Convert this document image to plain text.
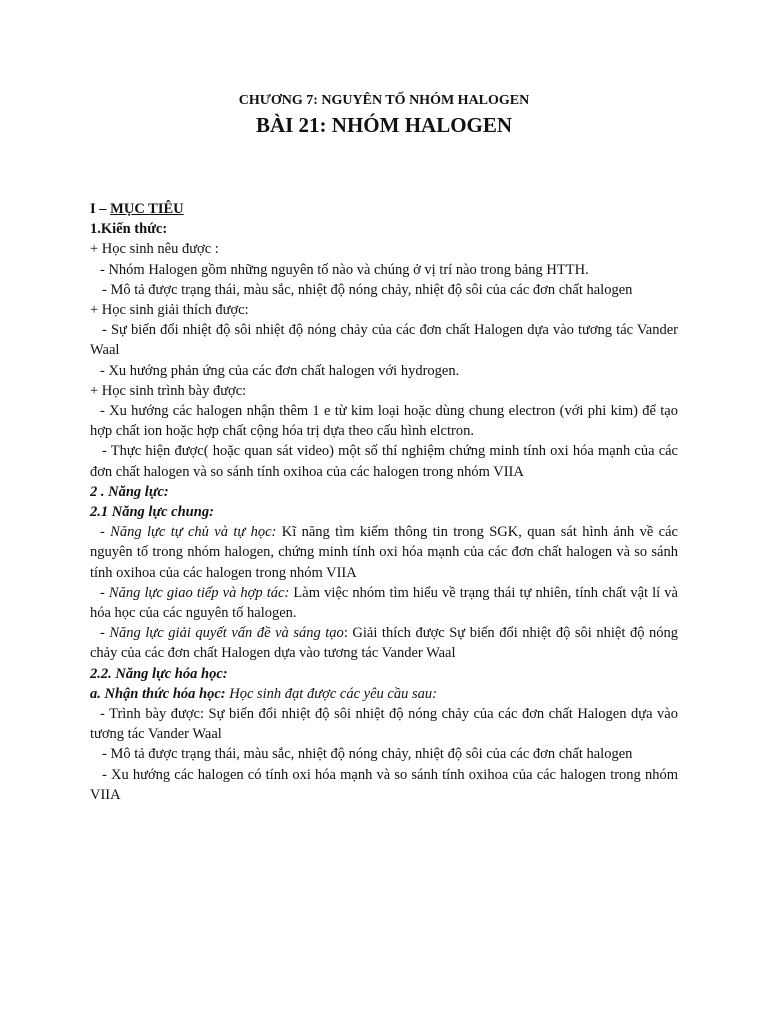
CHƯƠNG 7: NGUYÊN TỐ NHÓM HALOGEN

BÀI 21: NHÓM HALOGEN

I – MỤC TIÊU

1.Kiến thức:

+ Học sinh nêu được :

- Nhóm Halogen gồm những nguyên tố nào và chúng ở vị trí nào trong bảng HTTH.

- Mô tả được trạng thái, màu sắc, nhiệt độ nóng chảy, nhiệt độ sôi của các đơn chất halogen

+ Học sinh giải thích được:

- Sự biến đổi nhiệt độ sôi nhiệt độ nóng chảy của các đơn chất Halogen dựa vào tương tác Vander Waal

- Xu hướng phản ứng của các đơn chất halogen với hydrogen.

+ Học sinh trình bày được:

- Xu hướng các halogen nhận thêm 1 e từ kim loại hoặc dùng chung electron (với phi kim) để tạo hợp chất ion hoặc hợp chất cộng hóa trị dựa theo cấu hình elctron.

- Thực hiện được( hoặc quan sát video) một số thí nghiệm chứng minh tính oxi hóa mạnh của các đơn chất halogen và so sánh tính oxihoa của các halogen trong nhóm VIIA

2 . Năng lực:

2.1 Năng lực chung:

- Năng lực tự chủ và tự học: Kĩ năng tìm kiếm thông tin trong SGK, quan sát hình ảnh về các nguyên tố trong nhóm halogen, chứng minh tính oxi hóa mạnh của các đơn chất halogen và so sánh tính oxihoa của các halogen trong nhóm VIIA

- Năng lực giao tiếp và hợp tác: Làm việc nhóm tìm hiểu về trạng thái tự nhiên, tính chất vật lí và hóa học của các nguyên tố halogen.

- Năng lực giải quyết vấn đề và sáng tạo: Giải thích được Sự biến đổi nhiệt độ sôi nhiệt độ nóng chảy của các đơn chất Halogen dựa vào tương tác Vander Waal

2.2. Năng lực hóa học:

a. Nhận thức hóa học: Học sinh đạt được các yêu cầu sau:

- Trình bày được: Sự biến đổi nhiệt độ sôi nhiệt độ nóng chảy của các đơn chất Halogen dựa vào tương tác Vander Waal

- Mô tả được trạng thái, màu sắc, nhiệt độ nóng chảy, nhiệt độ sôi của các đơn chất halogen

- Xu hướng các halogen có tính oxi hóa mạnh và so sánh tính oxihoa của các halogen trong nhóm VIIA
